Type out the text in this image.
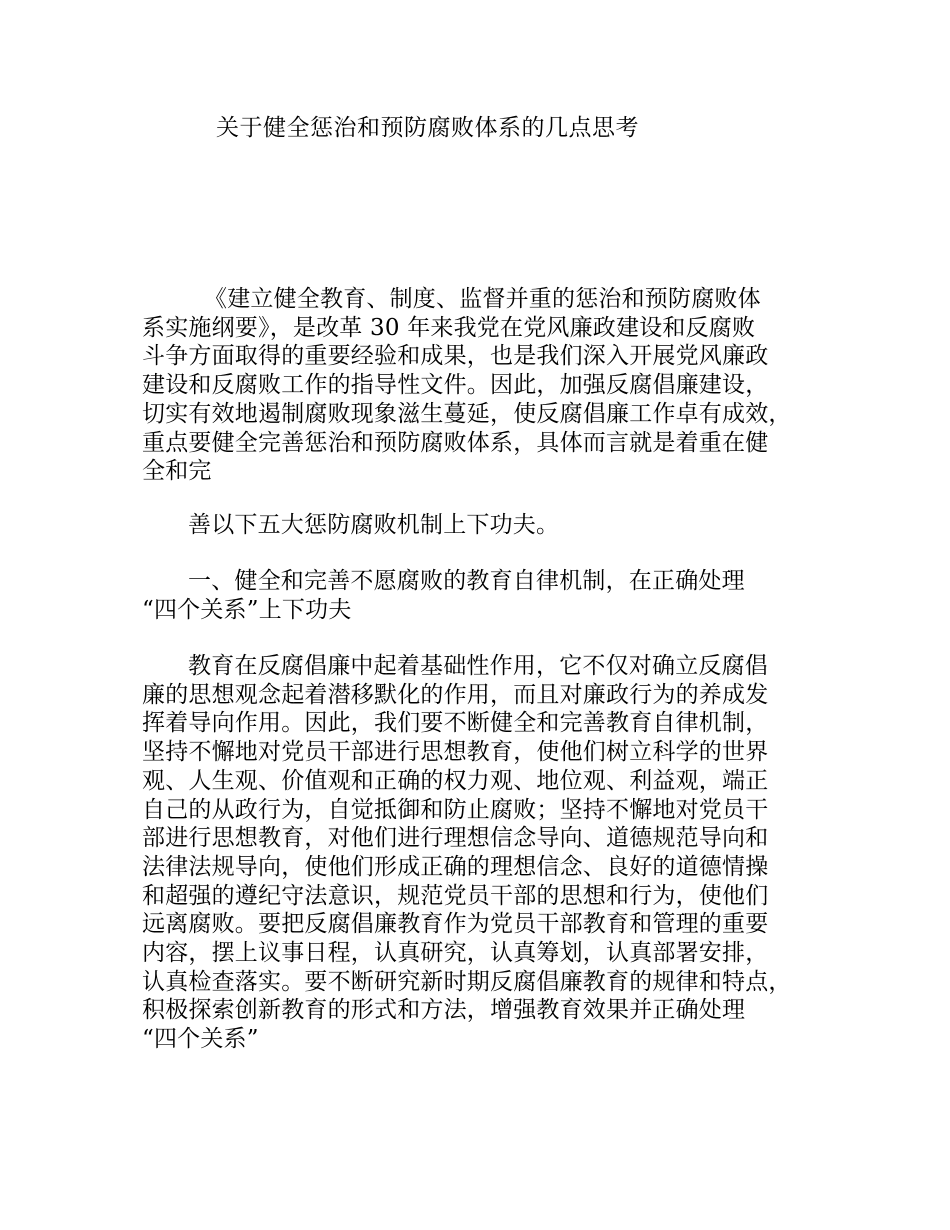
关于健全惩治和预防腐败体系的几点思考
《建立健全教育、制度、监督并重的惩治和预防腐败体
系实施纲要》，是改革 30 年来我党在党风廉政建设和反腐败
斗争方面取得的重要经验和成果，也是我们深入开展党风廉政
建设和反腐败工作的指导性文件。因此，加强反腐倡廉建设，
切实有效地遏制腐败现象滋生蔓延，使反腐倡廉工作卓有成效，
重点要健全完善惩治和预防腐败体系，具体而言就是着重在健
全和完
善以下五大惩防腐败机制上下功夫。
一、健全和完善不愿腐败的教育自律机制，在正确处理
“四个关系”上下功夫
教育在反腐倡廉中起着基础性作用，它不仅对确立反腐倡
廉的思想观念起着潜移默化的作用，而且对廉政行为的养成发
挥着导向作用。因此，我们要不断健全和完善教育自律机制，
坚持不懈地对党员干部进行思想教育，使他们树立科学的世界
观、人生观、价值观和正确的权力观、地位观、利益观，端正
自己的从政行为，自觉抵御和防止腐败；坚持不懈地对党员干
部进行思想教育，对他们进行理想信念导向、道德规范导向和
法律法规导向，使他们形成正确的理想信念、良好的道德情操
和超强的遵纪守法意识，规范党员干部的思想和行为，使他们
远离腐败。要把反腐倡廉教育作为党员干部教育和管理的重要
内容，摆上议事日程，认真研究，认真筹划，认真部署安排，
认真检查落实。要不断研究新时期反腐倡廉教育的规律和特点，
积极探索创新教育的形式和方法，增强教育效果并正确处理
“四个关系”
